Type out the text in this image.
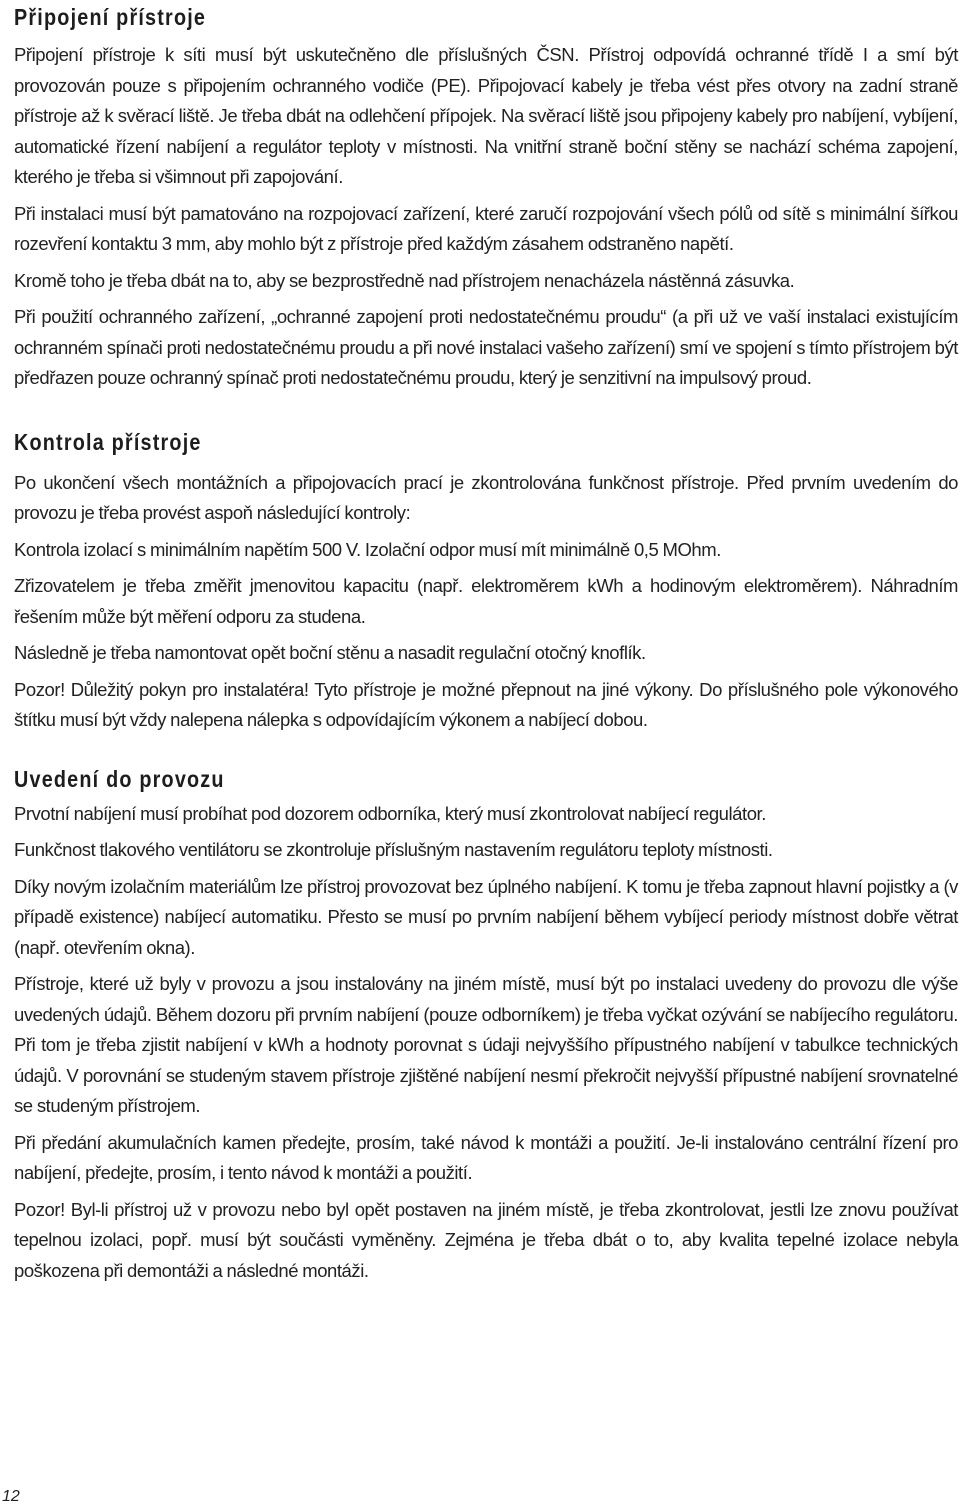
Připojení přístroje

Připojení přístroje k síti musí být uskutečněno dle příslušných ČSN. Přístroj odpovídá ochranné třídě I a smí být provozován pouze s připojením ochranného vodiče (PE). Připojovací kabely je třeba vést přes otvory na zadní straně přístroje až k svěrací liště. Je třeba dbát na odlehčení přípojek. Na svěrací liště jsou připojeny kabely pro nabíjení, vybíjení, automatické řízení nabíjení a regulátor teploty v místnosti. Na vnitřní straně boční stěny se nachází schéma zapojení, kterého je třeba si všimnout při zapojování.

Při instalaci musí být pamatováno na rozpojovací zařízení, které zaručí rozpojování všech pólů od sítě s minimální šířkou rozevření kontaktu 3 mm, aby mohlo být z přístroje před každým zásahem odstraněno napětí.

Kromě toho je třeba dbát na to, aby se bezprostředně nad přístrojem nenacházela nástěnná zásuvka.

Při použití ochranného zařízení, „ochranné zapojení proti nedostatečnému proudu“ (a při už ve vaší instalaci existujícím ochranném spínači proti nedostatečnému proudu a při nové instalaci vašeho zařízení) smí ve spojení s tímto přístrojem být předřazen pouze ochranný spínač proti nedostatečnému proudu, který je senzitivní na impulsový proud.

Kontrola přístroje

Po ukončení všech montážních a připojovacích prací je zkontrolována funkčnost přístroje. Před prvním uvedením do provozu je třeba provést aspoň následující kontroly:

Kontrola izolací s minimálním napětím 500 V. Izolační odpor musí mít minimálně 0,5 MOhm.

Zřizovatelem je třeba změřit jmenovitou kapacitu (např. elektroměrem kWh a hodinovým elektroměrem). Náhradním řešením může být měření odporu za studena.

Následně je třeba namontovat opět boční stěnu a nasadit regulační otočný knoflík.

Pozor! Důležitý pokyn pro instalatéra! Tyto přístroje je možné přepnout na jiné výkony. Do příslušného pole výkonového štítku musí být vždy nalepena nálepka s odpovídajícím výkonem a nabíjecí dobou.

Uvedení do provozu

Prvotní nabíjení musí probíhat pod dozorem odborníka, který musí zkontrolovat nabíjecí regulátor.

Funkčnost tlakového ventilátoru se zkontroluje příslušným nastavením regulátoru teploty místnosti.

Díky novým izolačním materiálům lze přístroj provozovat bez úplného nabíjení. K tomu je třeba zapnout hlavní pojistky a (v případě existence) nabíjecí automatiku. Přesto se musí po prvním nabíjení během vybíjecí periody místnost dobře větrat (např. otevřením okna).

Přístroje, které už byly v provozu a jsou instalovány na jiném místě, musí být po instalaci uvedeny do provozu dle výše uvedených údajů. Během dozoru při prvním nabíjení (pouze odborníkem) je třeba vyčkat ozývání se nabíjecího regulátoru. Při tom je třeba zjistit nabíjení v kWh a hodnoty porovnat s údaji nejvyššího přípustného nabíjení v tabulkce technických údajů. V porovnání se studeným stavem přístroje zjištěné nabíjení nesmí překročit nejvyšší přípustné nabíjení srovnatelné se studeným přístrojem.

Při předání akumulačních kamen předejte, prosím, také návod k montáži a použití. Je-li instalováno centrální řízení pro nabíjení, předejte, prosím, i tento návod k montáži a použití.

Pozor! Byl-li přístroj už v provozu nebo byl opět postaven na jiném místě, je třeba zkontrolovat, jestli lze znovu používat tepelnou izolaci, popř. musí být součásti vyměněny. Zejména je třeba dbát o to, aby kvalita tepelné izolace nebyla poškozena při demontáži a následné montáži.

12
